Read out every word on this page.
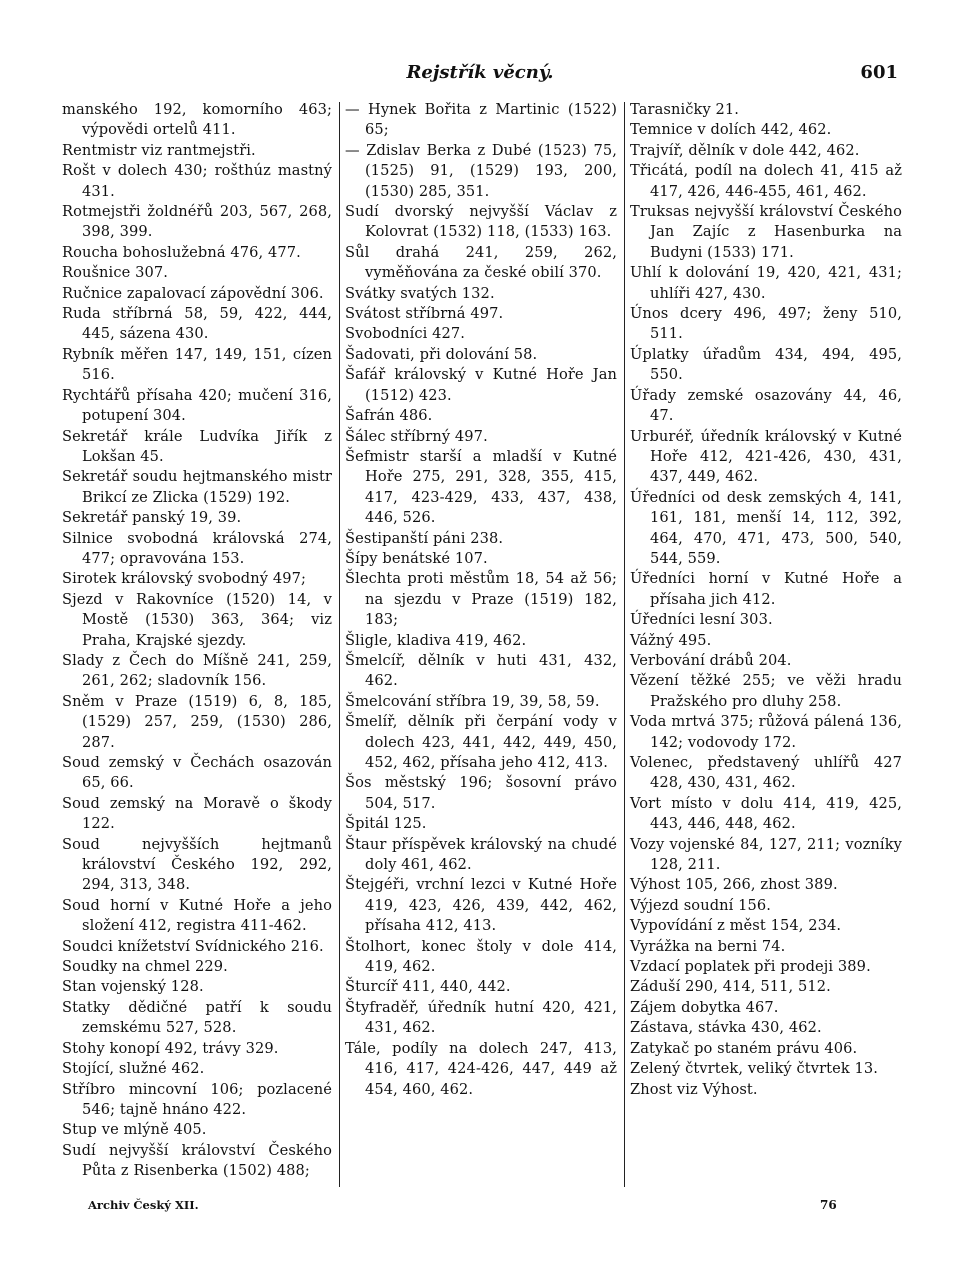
Rejstřík věcný.	601
manského 192, komorního 463; výpovědi ortelů 411.
Rentmistr viz rantmejstři.
Rošt v dolech 430; rošthúz mastný 431.
Rotmejstři žoldnéřů 203, 567, 268, 398, 399.
Roucha bohoslužebná 476, 477.
Roušnice 307.
Ručnice zapalovací zápovědní 306.
Ruda stříbrná 58, 59, 422, 444, 445, sázena 430.
Rybník měřen 147, 149, 151, cízen 516.
Rychtářů přísaha 420; mučení 316, potupení 304.
Sekretář krále Ludvíka Jiřík z Lokšan 45.
Sekretář soudu hejtmanského mistr Brikcí ze Zlicka (1529) 192.
Sekretář panský 19, 39.
Silnice svobodná královská 274, 477; opravována 153.
Sirotek královský svobodný 497;
Sjezd v Rakovníce (1520) 14, v Mostě (1530) 363, 364; viz Praha, Krajské sjezdy.
Slady z Čech do Míšně 241, 259, 261, 262; sladovník 156.
Sněm v Praze (1519) 6, 8, 185, (1529) 257, 259, (1530) 286, 287.
Soud zemský v Čechách osazován 65, 66.
Soud zemský na Moravě o škody 122.
Soud nejvyšších hejtmanů království Českého 192, 292, 294, 313, 348.
Soud horní v Kutné Hoře a jeho složení 412, registra 411-462.
Soudci knížetství Svídnického 216.
Soudky na chmel 229.
Stan vojenský 128.
Statky dědičné patří k soudu zemskému 527, 528.
Stohy konopí 492, trávy 329.
Stojící, služné 462.
Stříbro mincovní 106; pozlacené 546; tajně hnáno 422.
Stup ve mlýně 405.
Sudí nejvyšší království Českého Půta z Risenberka (1502) 488;
— Hynek Bořita z Martinic (1522) 65;
— Zdislav Berka z Dubé (1523) 75, (1525) 91, (1529) 193, 200, (1530) 285, 351.
Sudí dvorský nejvyšší Václav z Kolovrat (1532) 118, (1533) 163.
Sůl drahá 241, 259, 262, vyměňována za české obilí 370.
Svátky svatých 132.
Svátost stříbrná 497.
Svobodníci 427.
Šadovati, při dolování 58.
Šafář královský v Kutné Hoře Jan (1512) 423.
Šafrán 486.
Šálec stříbrný 497.
Šefmistr starší a mladší v Kutné Hoře 275, 291, 328, 355, 415, 417, 423-429, 433, 437, 438, 446, 526.
Šestipanští páni 238.
Šípy benátské 107.
Šlechta proti městům 18, 54 až 56; na sjezdu v Praze (1519) 182, 183;
Šligle, kladiva 419, 462.
Šmelcíř, dělník v huti 431, 432, 462.
Šmelcování stříbra 19, 39, 58, 59.
Šmelíř, dělník při čerpání vody v dolech 423, 441, 442, 449, 450, 452, 462, přísaha jeho 412, 413.
Šos městský 196; šosovní právo 504, 517.
Špitál 125.
Štaur příspěvek královský na chudé doly 461, 462.
Štejgéři, vrchní lezci v Kutné Hoře 419, 423, 426, 439, 442, 462, přísaha 412, 413.
Štolhort, konec štoly v dole 414, 419, 462.
Šturcíř 411, 440, 442.
Štyfraděř, úředník hutní 420, 421, 431, 462.
Tále, podíly na dolech 247, 413, 416, 417, 424-426, 447, 449 až 454, 460, 462.
Tarasničky 21.
Temnice v dolích 442, 462.
Trajvíř, dělník v dole 442, 462.
Třicátá, podíl na dolech 41, 415 až 417, 426, 446-455, 461, 462.
Truksas nejvyšší království Českého Jan Zajíc z Hasenburka na Budyni (1533) 171.
Uhlí k dolování 19, 420, 421, 431; uhlíři 427, 430.
Únos dcery 496, 497; ženy 510, 511.
Úplatky úřadům 434, 494, 495, 550.
Úřady zemské osazovány 44, 46, 47.
Urburéř, úředník královský v Kutné Hoře 412, 421-426, 430, 431, 437, 449, 462.
Úředníci od desk zemských 4, 141, 161, 181, menší 14, 112, 392, 464, 470, 471, 473, 500, 540, 544, 559.
Úředníci horní v Kutné Hoře a přísaha jich 412.
Úředníci lesní 303.
Vážný 495.
Verbování drábů 204.
Vězení těžké 255; ve věži hradu Pražského pro dluhy 258.
Voda mrtvá 375; růžová pálená 136, 142; vodovody 172.
Volenec, představený uhlířů 427 428, 430, 431, 462.
Vort místo v dolu 414, 419, 425, 443, 446, 448, 462.
Vozy vojenské 84, 127, 211; vozníky 128, 211.
Výhost 105, 266, zhost 389.
Výjezd soudní 156.
Vypovídání z měst 154, 234.
Vyrážka na berni 74.
Vzdací poplatek při prodeji 389.
Záduší 290, 414, 511, 512.
Zájem dobytka 467.
Zástava, stávka 430, 462.
Zatykač po staném právu 406.
Zelený čtvrtek, veliký čtvrtek 13.
Zhost viz Výhost.
Archiv Český XII.	76
